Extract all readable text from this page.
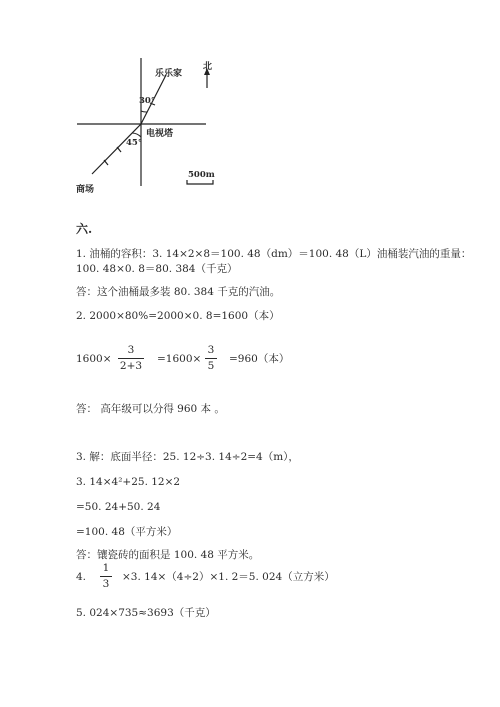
乐乐家
北
30°
电视塔
45°
商场
500m
六.
1. 油桶的容积：3. 14×2×8＝100. 48（dm）＝100. 48（L）油桶装汽油的重量：
100. 48×0. 8＝80. 384（千克）
答：这个油桶最多装 80. 384 千克的汽油。
2. 2000×80%=2000×0. 8=1600（本）
1600×
3
2+3
=1600×
3
5
=960（本）
答： 高年级可以分得 960 本 。
3. 解：底面半径：25. 12÷3. 14÷2=4（m），
3. 14×4²+25. 12×2
=50. 24+50. 24
=100. 48（平方米）
答：镶瓷砖的面积是 100. 48 平方米。
4.
1
3
×3. 14×（4÷2）×1. 2＝5. 024（立方米）
5. 024×735≈3693（千克）
